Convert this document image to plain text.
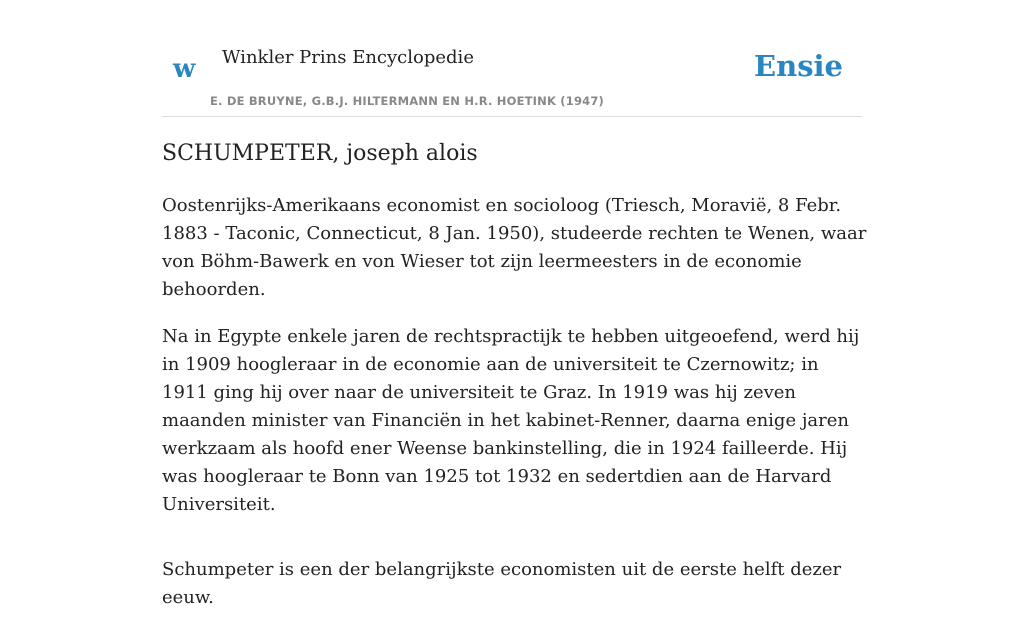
w Winkler Prins Encyclopedie
E. DE BRUYNE, G.B.J. HILTERMANN EN H.R. HOETINK (1947)
Ensie
SCHUMPETER, joseph alois

Oostenrijks-Amerikaans economist en socioloog (Triesch, Moravië, 8 Febr. 1883 - Taconic, Connecticut, 8 Jan. 1950), studeerde rechten te Wenen, waar von Böhm-Bawerk en von Wieser tot zijn leermeesters in de economie behoorden.

Na in Egypte enkele jaren de rechtspractijk te hebben uitgeoefend, werd hij in 1909 hoogleraar in de economie aan de universiteit te Czernowitz; in 1911 ging hij over naar de universiteit te Graz. In 1919 was hij zeven maanden minister van Financiën in het kabinet-Renner, daarna enige jaren werkzaam als hoofd ener Weense bankinstelling, die in 1924 failleerde. Hij was hoogleraar te Bonn van 1925 tot 1932 en sedertdien aan de Harvard Universiteit.

Schumpeter is een der belangrijkste economisten uit de eerste helft dezer eeuw.
